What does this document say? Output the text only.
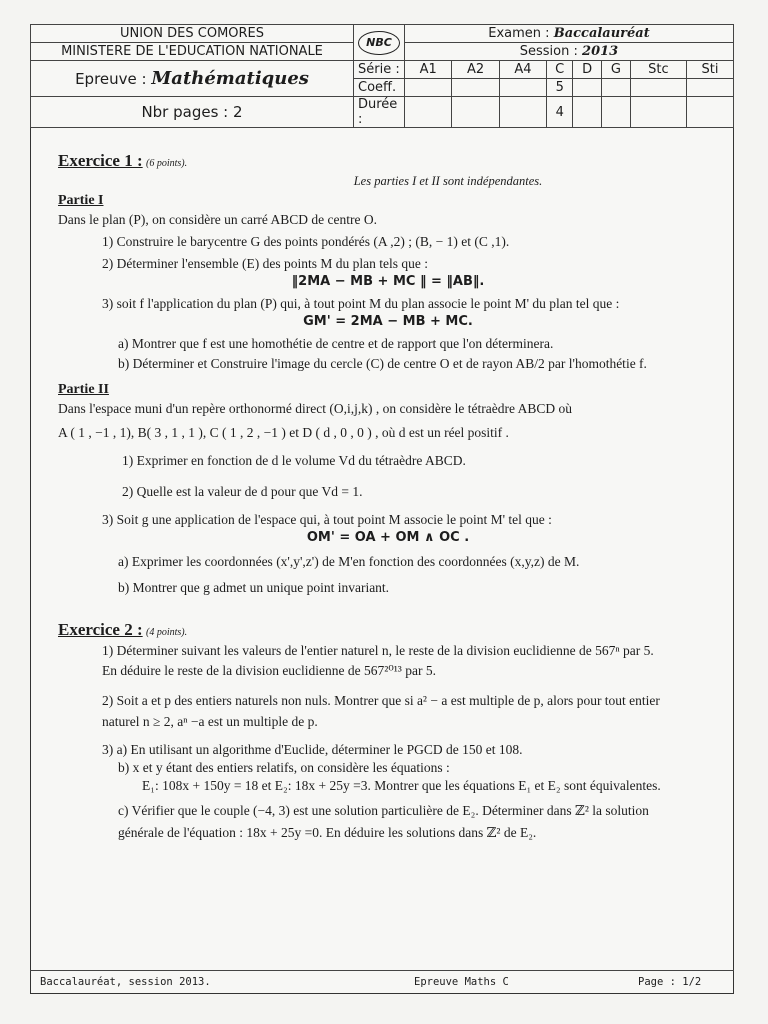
UNION DES COMORES	NBC	Examen : Baccalauréat							
MINISTERE DE L'EDUCATION NATIONALE		Session : 2013							
Epreuve : Mathématiques	Série :	A1	A2	A4	C	D	G	Stc	Sti
	Coeff.				5				
Nbr pages : 2	Durée :				4				

Exercice 1 : (6 points).

Les parties I et II sont indépendantes.

Partie I

Dans le plan (P), on considère un carré ABCD de centre O.

1) Construire le barycentre G des points pondérés (A ,2) ; (B, − 1) et (C ,1).

2) Déterminer l'ensemble (E) des points M du plan tels que :

‖2MA − MB + MC ‖ = ‖AB‖.

3) soit f l'application du plan (P) qui, à tout point M du plan associe le point M' du plan tel que :

GM' = 2MA − MB + MC.

a) Montrer que f est une homothétie de centre et de rapport que l'on déterminera.

b) Déterminer et Construire l'image du cercle (C) de centre O et de rayon AB/2 par l'homothétie f.

Partie II

Dans l'espace muni d'un repère orthonormé direct (O,i,j,k) , on considère le tétraèdre ABCD où

A ( 1 , −1 , 1), B( 3 , 1 , 1 ), C ( 1 , 2 , −1 ) et D ( d , 0 , 0 ) , où d est un réel positif .

1) Exprimer en fonction de d le volume Vd du tétraèdre ABCD.

2) Quelle est la valeur de d pour que Vd = 1.

3) Soit g une application de l'espace qui, à tout point M associe le point M' tel que :

OM' = OA + OM ∧ OC .

a) Exprimer les coordonnées (x',y',z') de M'en fonction des coordonnées (x,y,z) de M.

b) Montrer que g admet un unique point invariant.

Exercice 2 : (4 points).

1) Déterminer suivant les valeurs de l'entier naturel n, le reste de la division euclidienne de 567ⁿ par 5.

En déduire le reste de la division euclidienne de 567²⁰¹³ par 5.

2) Soit a et p des entiers naturels non nuls. Montrer que si a² − a est multiple de p, alors pour tout entier

naturel n ≥ 2, aⁿ −a est un multiple de p.

3) a) En utilisant un algorithme d'Euclide, déterminer le PGCD de 150 et 108.

b) x et y étant des entiers relatifs, on considère les équations :

E₁: 108x + 150y = 18 et E₂: 18x + 25y =3. Montrer que les équations E₁ et E₂ sont équivalentes.

c) Vérifier que le couple (−4, 3) est une solution particulière de E₂. Déterminer dans ℤ² la solution

générale de l'équation : 18x + 25y =0. En déduire les solutions dans ℤ² de E₂.

Baccalauréat, session 2013.	Epreuve Maths C	Page : 1/2
